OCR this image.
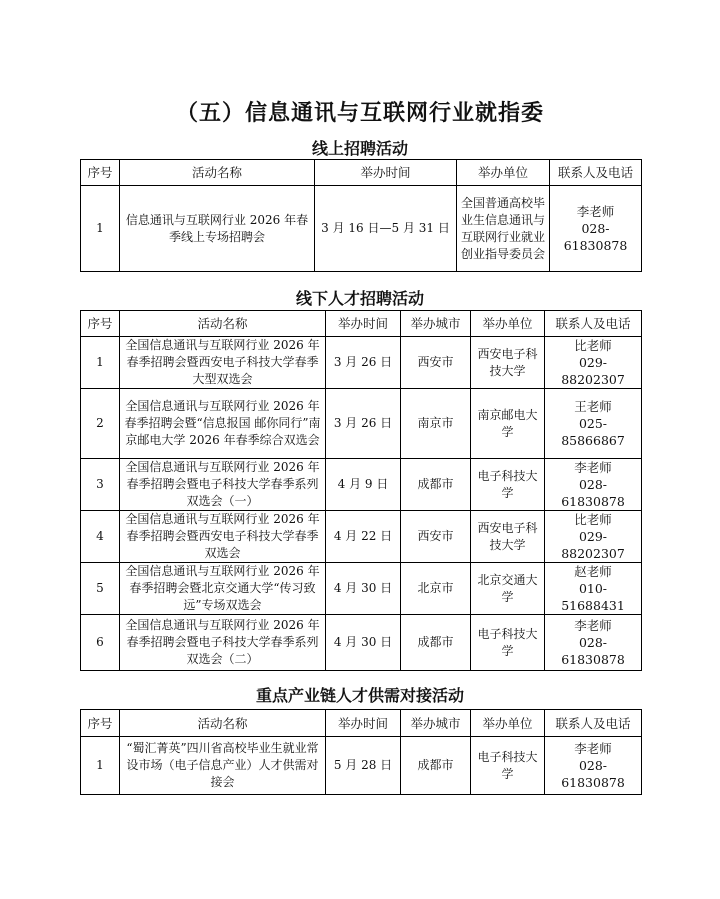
（五）信息通讯与互联网行业就指委
线上招聘活动
序号	活动名称	举办时间	举办单位	联系人及电话
1	信息通讯与互联网行业 2026 年春季线上专场招聘会	3 月 16 日—5 月 31 日	全国普通高校毕业生信息通讯与互联网行业就业创业指导委员会	李老师
028-61830878
线下人才招聘活动
序号	活动名称	举办时间	举办城市	举办单位	联系人及电话
1	全国信息通讯与互联网行业 2026 年春季招聘会暨西安电子科技大学春季大型双选会	3 月 26 日	西安市	西安电子科技大学	比老师
029-88202307

2	全国信息通讯与互联网行业 2026 年春季招聘会暨“信息报国 邮你同行”南京邮电大学 2026 年春季综合双选会	3 月 26 日	南京市	南京邮电大学	王老师
025-85866867

3	全国信息通讯与互联网行业 2026 年春季招聘会暨电子科技大学春季系列双选会（一）	4 月 9 日	成都市	电子科技大学	李老师
028-61830878

4	全国信息通讯与互联网行业 2026 年春季招聘会暨西安电子科技大学春季双选会	4 月 22 日	西安市	西安电子科技大学	比老师
029-88202307

5	全国信息通讯与互联网行业 2026 年春季招聘会暨北京交通大学“传习致远”专场双选会	4 月 30 日	北京市	北京交通大学	赵老师
010-51688431

6	全国信息通讯与互联网行业 2026 年春季招聘会暨电子科技大学春季系列双选会（二）	4 月 30 日	成都市	电子科技大学	李老师
028-61830878
重点产业链人才供需对接活动
序号	活动名称	举办时间	举办城市	举办单位	联系人及电话
1	“蜀汇菁英”四川省高校毕业生就业常设市场（电子信息产业）人才供需对接会	5 月 28 日	成都市	电子科技大学	李老师
028-61830878
